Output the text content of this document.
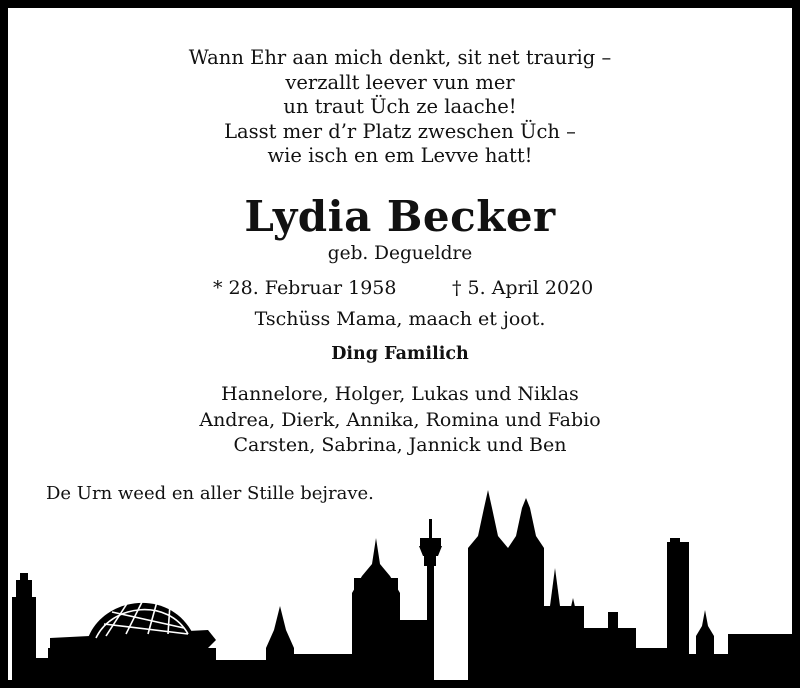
Wann Ehr aan mich denkt, sit net traurig –
verzallt leever vun mer
un traut Üch ze laache!
Lasst mer d’r Platz zweschen Üch –
wie isch en em Levve hatt!
Lydia Becker
geb. Degueldre
* 28. Februar 1958	† 5. April 2020
Tschüss Mama, maach et joot.
Ding Familich
Hannelore, Holger, Lukas und Niklas
Andrea, Dierk, Annika, Romina und Fabio
Carsten, Sabrina, Jannick und Ben
De Urn weed en aller Stille bejrave.
